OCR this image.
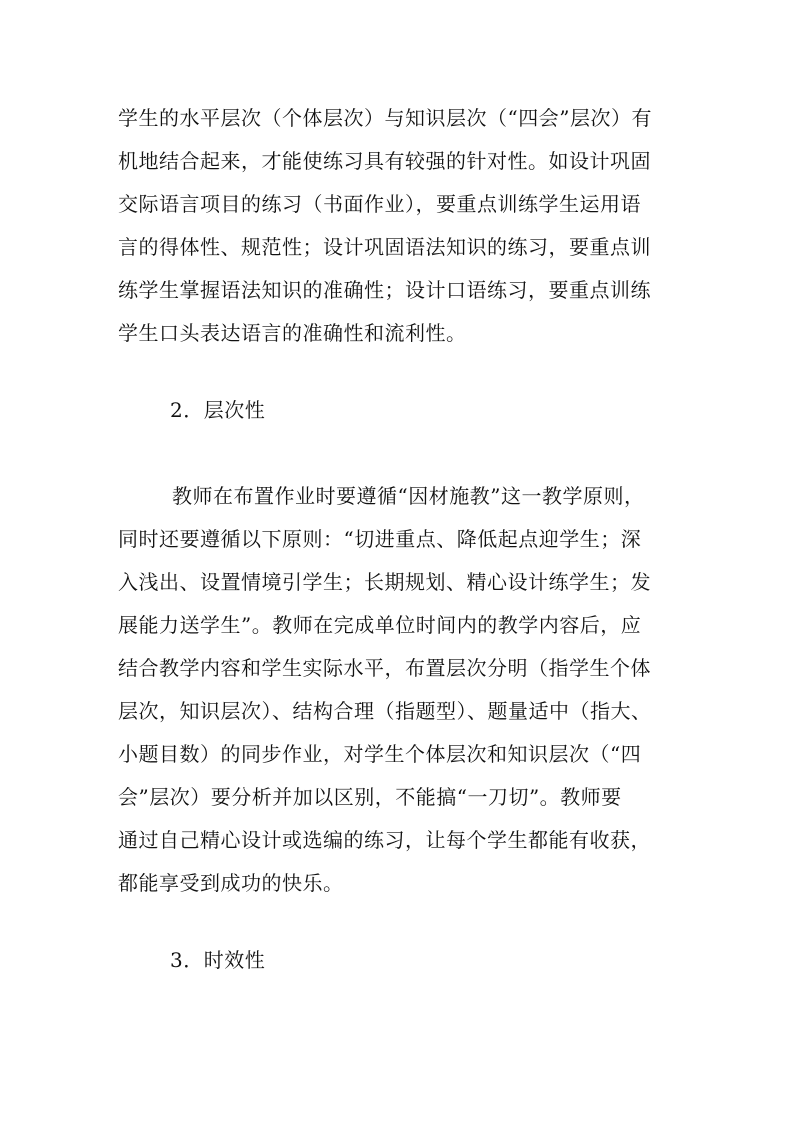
学生的水平层次（个体层次）与知识层次（“四会”层次）有
机地结合起来，才能使练习具有较强的针对性。如设计巩固
交际语言项目的练习（书面作业），要重点训练学生运用语
言的得体性、规范性；设计巩固语法知识的练习，要重点训
练学生掌握语法知识的准确性；设计口语练习，要重点训练
学生口头表达语言的准确性和流利性。
2．层次性
教师在布置作业时要遵循“因材施教”这一教学原则，
同时还要遵循以下原则：“切进重点、降低起点迎学生；深
入浅出、设置情境引学生；长期规划、精心设计练学生；发
展能力送学生”。教师在完成单位时间内的教学内容后，应
结合教学内容和学生实际水平，布置层次分明（指学生个体
层次，知识层次）、结构合理（指题型）、题量适中（指大、
小题目数）的同步作业，对学生个体层次和知识层次（“四
会”层次）要分析并加以区别，不能搞“一刀切”。教师要
通过自己精心设计或选编的练习，让每个学生都能有收获，
都能享受到成功的快乐。
3．时效性
